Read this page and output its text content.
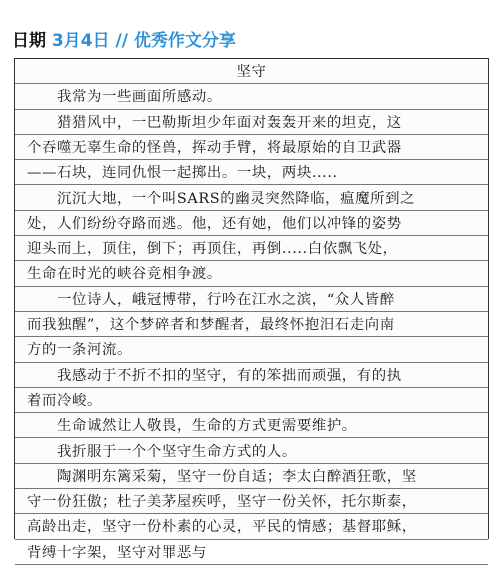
日期 3月4日 // 优秀作文分享
坚守
　　我常为一些画面所感动。
　　猎猎风中，一巴勒斯坦少年面对轰轰开来的坦克，这
个吞噬无辜生命的怪兽，挥动手臂，将最原始的自卫武器
——石块，连同仇恨一起掷出。一块，两块.....
　　沉沉大地，一个叫SARS的幽灵突然降临，瘟魔所到之
处，人们纷纷夺路而逃。他，还有她，他们以冲锋的姿势
迎头而上，顶住，倒下；再顶住，再倒.....白依飘飞处，
生命在时光的峡谷竞相争渡。
　　一位诗人，峨冠博带，行吟在江水之滨，“众人皆醉
而我独醒”，这个梦碎者和梦醒者，最终怀抱汨石走向南
方的一条河流。
　　我感动于不折不扣的坚守，有的笨拙而顽强，有的执
着而冷峻。
　　生命诚然让人敬畏，生命的方式更需要维护。
　　我折服于一个个坚守生命方式的人。
　　陶渊明东篱采菊，坚守一份自适；李太白醉酒狂歌，坚
守一份狂傲；杜子美茅屋疾呼，坚守一份关怀，托尔斯泰，
高龄出走，坚守一份朴素的心灵，平民的情感；基督耶稣，
背缚十字架，坚守对罪恶与
